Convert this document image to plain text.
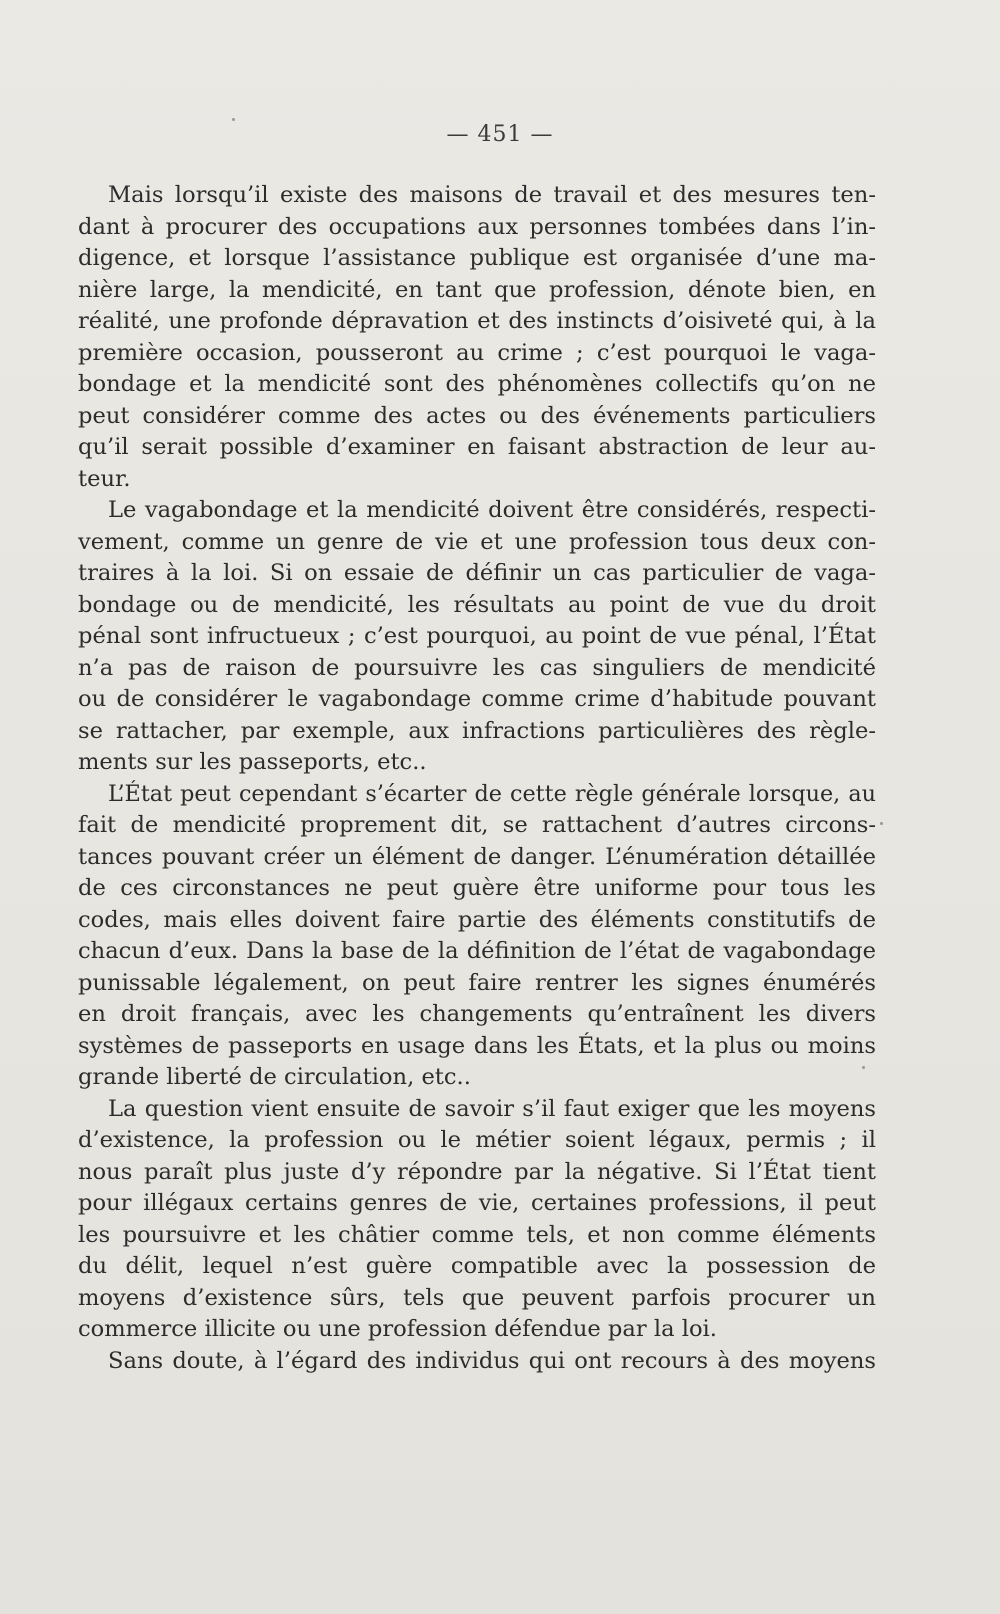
— 451 —

Mais lorsqu’il existe des maisons de travail et des mesures ten-
dant à procurer des occupations aux personnes tombées dans l’in-
digence, et lorsque l’assistance publique est organisée d’une ma-
nière large, la mendicité, en tant que profession, dénote bien, en
réalité, une profonde dépravation et des instincts d’oisiveté qui, à la
première occasion, pousseront au crime ; c’est pourquoi le vaga-
bondage et la mendicité sont des phénomènes collectifs qu’on ne
peut considérer comme des actes ou des événements particuliers
qu’il serait possible d’examiner en faisant abstraction de leur au-
teur.

Le vagabondage et la mendicité doivent être considérés, respecti-
vement, comme un genre de vie et une profession tous deux con-
traires à la loi. Si on essaie de définir un cas particulier de vaga-
bondage ou de mendicité, les résultats au point de vue du droit
pénal sont infructueux ; c’est pourquoi, au point de vue pénal, l’État
n’a pas de raison de poursuivre les cas singuliers de mendicité
ou de considérer le vagabondage comme crime d’habitude pouvant
se rattacher, par exemple, aux infractions particulières des règle-
ments sur les passeports, etc..

L’État peut cependant s’écarter de cette règle générale lorsque, au
fait de mendicité proprement dit, se rattachent d’autres circons-
tances pouvant créer un élément de danger. L’énumération détaillée
de ces circonstances ne peut guère être uniforme pour tous les
codes, mais elles doivent faire partie des éléments constitutifs de
chacun d’eux. Dans la base de la définition de l’état de vagabondage
punissable légalement, on peut faire rentrer les signes énumérés
en droit français, avec les changements qu’entraînent les divers
systèmes de passeports en usage dans les États, et la plus ou moins
grande liberté de circulation, etc..

La question vient ensuite de savoir s’il faut exiger que les moyens
d’existence, la profession ou le métier soient légaux, permis ; il
nous paraît plus juste d’y répondre par la négative. Si l’État tient
pour illégaux certains genres de vie, certaines professions, il peut
les poursuivre et les châtier comme tels, et non comme éléments
du délit, lequel n’est guère compatible avec la possession de
moyens d’existence sûrs, tels que peuvent parfois procurer un
commerce illicite ou une profession défendue par la loi.

Sans doute, à l’égard des individus qui ont recours à des moyens
